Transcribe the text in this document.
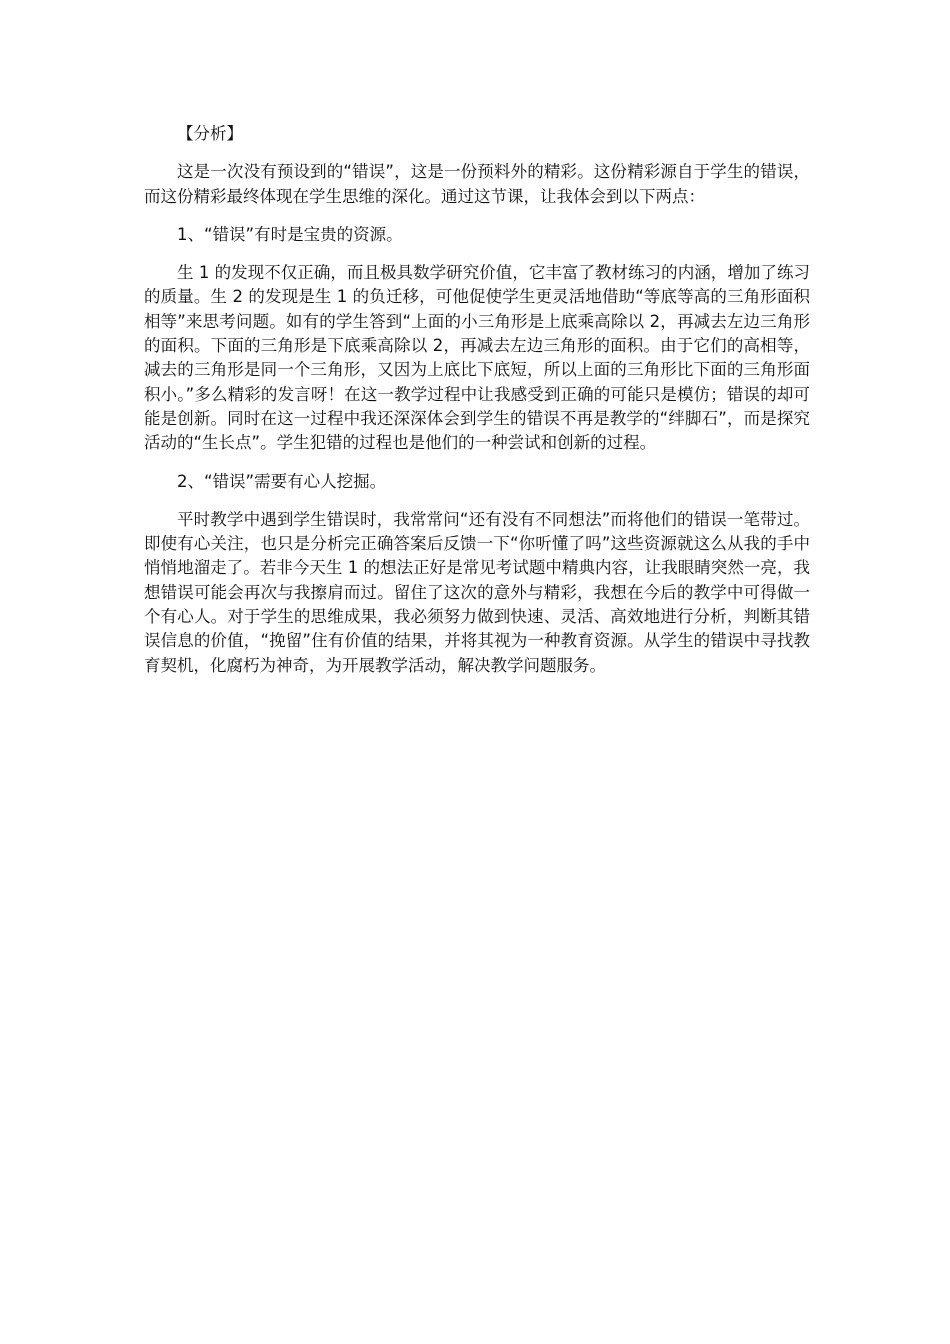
【分析】

这是一次没有预设到的“错误”，这是一份预料外的精彩。这份精彩源自于学生的错误，而这份精彩最终体现在学生思维的深化。通过这节课，让我体会到以下两点：

1、“错误”有时是宝贵的资源。

生 1 的发现不仅正确，而且极具数学研究价值，它丰富了教材练习的内涵，增加了练习的质量。生 2 的发现是生 1 的负迁移，可他促使学生更灵活地借助“等底等高的三角形面积相等”来思考问题。如有的学生答到“上面的小三角形是上底乘高除以 2，再减去左边三角形的面积。下面的三角形是下底乘高除以 2，再减去左边三角形的面积。由于它们的高相等，减去的三角形是同一个三角形，又因为上底比下底短，所以上面的三角形比下面的三角形面积小。”多么精彩的发言呀！在这一教学过程中让我感受到正确的可能只是模仿；错误的却可能是创新。同时在这一过程中我还深深体会到学生的错误不再是教学的“绊脚石”，而是探究活动的“生长点”。学生犯错的过程也是他们的一种尝试和创新的过程。

2、“错误”需要有心人挖掘。

平时教学中遇到学生错误时，我常常问“还有没有不同想法”而将他们的错误一笔带过。即使有心关注，也只是分析完正确答案后反馈一下“你听懂了吗”这些资源就这么从我的手中悄悄地溜走了。若非今天生 1 的想法正好是常见考试题中精典内容，让我眼睛突然一亮，我想错误可能会再次与我擦肩而过。留住了这次的意外与精彩，我想在今后的教学中可得做一个有心人。对于学生的思维成果，我必须努力做到快速、灵活、高效地进行分析，判断其错误信息的价值，“挽留”住有价值的结果，并将其视为一种教育资源。从学生的错误中寻找教育契机，化腐朽为神奇，为开展教学活动，解决教学问题服务。
